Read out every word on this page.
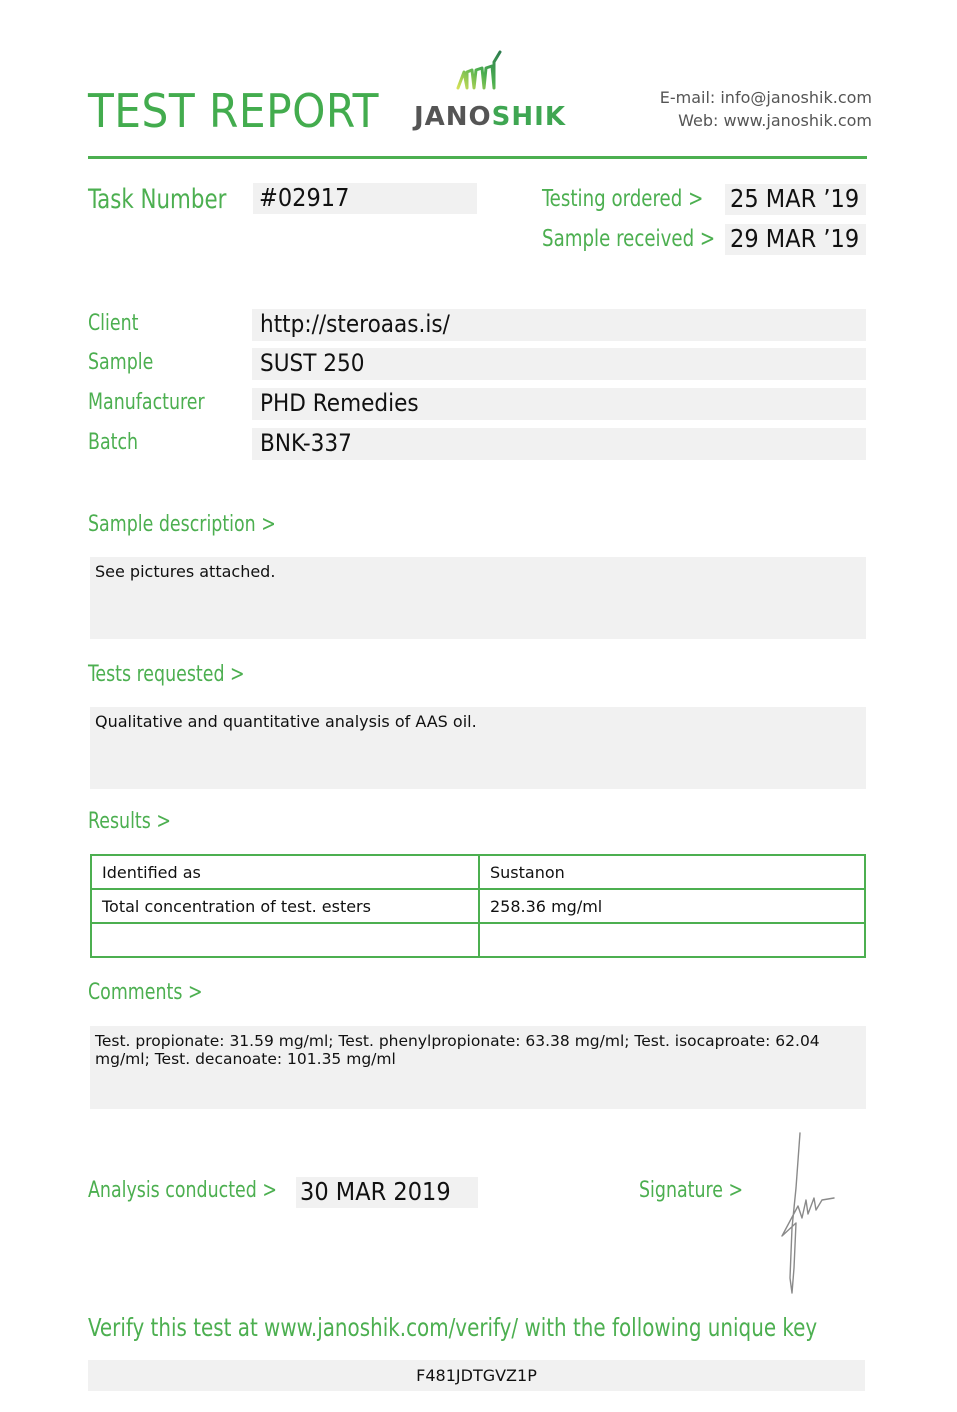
TEST REPORT JANOSHIK
E-mail: info@janoshik.com
Web: www.janoshik.com
Task Number #02917	Testing ordered > 25 MAR ’19
Sample received > 29 MAR ’19
Client	http://steroaas.is/
Sample	SUST 250
Manufacturer PHD Remedies
Batch	BNK-337
Sample description >
See pictures attached.
Tests requested >
Qualitative and quantitative analysis of AAS oil.
Results >
Identified as	Sustanon
Total concentration of test. esters	258.36 mg/ml

Comments >
Test. propionate: 31.59 mg/ml; Test. phenylpropionate: 63.38 mg/ml; Test. isocaproate: 62.04 mg/ml; Test. decanoate: 101.35 mg/ml
Analysis conducted > 30 MAR 2019	Signature >
Verify this test at www.janoshik.com/verify/ with the following unique key
F481JDTGVZ1P
